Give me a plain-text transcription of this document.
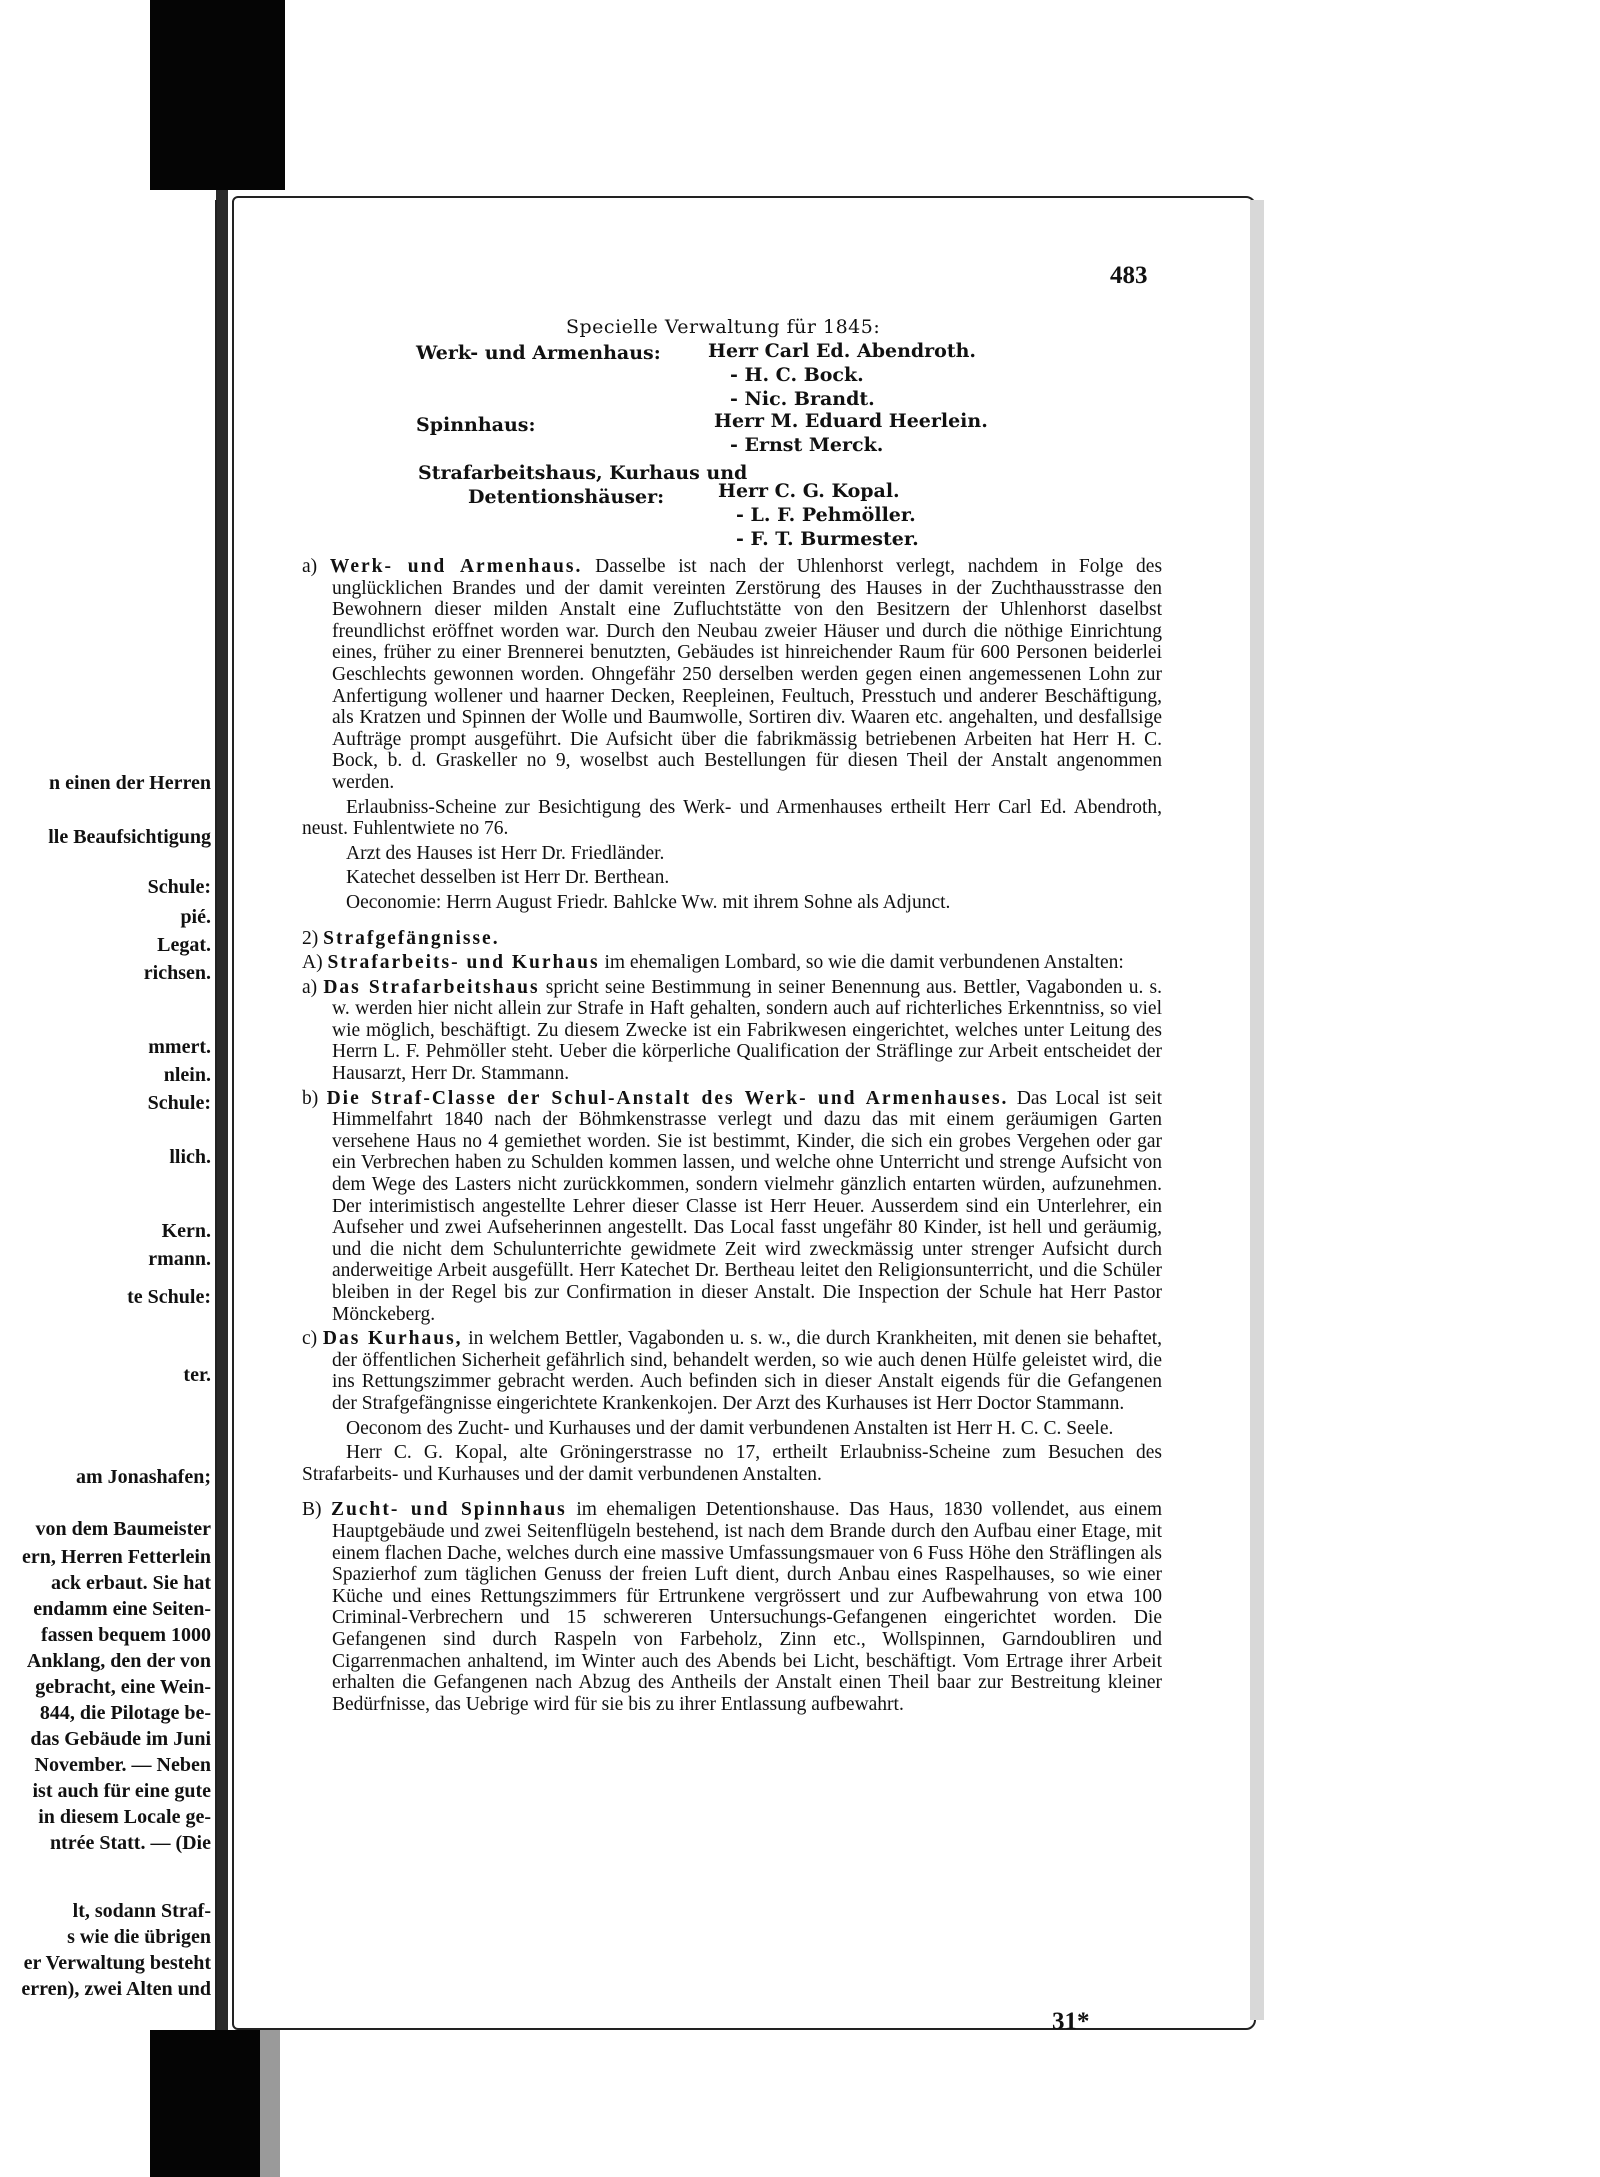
n einen der Herren
lle Beaufsichtigung
Schule:
pié.
Legat.
richsen.
mmert.
nlein.
Schule:
llich.
Kern.
rmann.
te Schule:
ter.
am Jonashafen;
von dem Baumeister
ern, Herren Fetterlein
ack erbaut. Sie hat
endamm eine Seiten-
fassen bequem 1000
Anklang, den der von
gebracht, eine Wein-
844, die Pilotage be-
das Gebäude im Juni
November. — Neben
ist auch für eine gute
in diesem Locale ge-
ntrée Statt. — (Die
lt, sodann Straf-
s wie die übrigen
er Verwaltung besteht
erren), zwei Alten und
483
Specielle Verwaltung für 1845:
Werk- und Armenhaus: Herr Carl Ed. Abendroth.
- H. C. Bock.
- Nic. Brandt.
Spinnhaus:	Herr M. Eduard Heerlein.
- Ernst Merck.
Strafarbeitshaus, Kurhaus und
Detentionshäuser:	Herr C. G. Kopal.
- L. F. Pehmöller.
- F. T. Burmester.

a) Werk- und Armenhaus. Dasselbe ist nach der Uhlenhorst verlegt, nachdem in Folge des unglücklichen Brandes und der damit vereinten Zerstörung des Hauses in der Zuchthausstrasse den Bewohnern dieser milden Anstalt eine Zufluchtstätte von den Besitzern der Uhlenhorst daselbst freundlichst eröffnet worden war. Durch den Neubau zweier Häuser und durch die nöthige Einrichtung eines, früher zu einer Brennerei benutzten, Gebäudes ist hinreichender Raum für 600 Personen beiderlei Geschlechts gewonnen worden. Ohngefähr 250 derselben werden gegen einen angemessenen Lohn zur Anfertigung wollener und haarner Decken, Reepleinen, Feultuch, Presstuch und anderer Beschäftigung, als Kratzen und Spinnen der Wolle und Baumwolle, Sortiren div. Waaren etc. angehalten, und desfallsige Aufträge prompt ausgeführt. Die Aufsicht über die fabrikmässig betriebenen Arbeiten hat Herr H. C. Bock, b. d. Graskeller no 9, woselbst auch Bestellungen für diesen Theil der Anstalt angenommen werden.

Erlaubniss-Scheine zur Besichtigung des Werk- und Armenhauses ertheilt Herr Carl Ed. Abendroth, neust. Fuhlentwiete no 76.

Arzt des Hauses ist Herr Dr. Friedländer.

Katechet desselben ist Herr Dr. Berthean.

Oeconomie: Herrn August Friedr. Bahlcke Ww. mit ihrem Sohne als Adjunct.

2) Strafgefängnisse.

A) Strafarbeits- und Kurhaus im ehemaligen Lombard, so wie die damit verbundenen Anstalten:

a) Das Strafarbeitshaus spricht seine Bestimmung in seiner Benennung aus. Bettler, Vagabonden u. s. w. werden hier nicht allein zur Strafe in Haft gehalten, sondern auch auf richterliches Erkenntniss, so viel wie möglich, beschäftigt. Zu diesem Zwecke ist ein Fabrikwesen eingerichtet, welches unter Leitung des Herrn L. F. Pehmöller steht. Ueber die körperliche Qualification der Sträflinge zur Arbeit entscheidet der Hausarzt, Herr Dr. Stammann.

b) Die Straf-Classe der Schul-Anstalt des Werk- und Armenhauses. Das Local ist seit Himmelfahrt 1840 nach der Böhmkenstrasse verlegt und dazu das mit einem geräumigen Garten versehene Haus no 4 gemiethet worden. Sie ist bestimmt, Kinder, die sich ein grobes Vergehen oder gar ein Verbrechen haben zu Schulden kommen lassen, und welche ohne Unterricht und strenge Aufsicht von dem Wege des Lasters nicht zurückkommen, sondern vielmehr gänzlich entarten würden, aufzunehmen. Der interimistisch angestellte Lehrer dieser Classe ist Herr Heuer. Ausserdem sind ein Unterlehrer, ein Aufseher und zwei Aufseherinnen angestellt. Das Local fasst ungefähr 80 Kinder, ist hell und geräumig, und die nicht dem Schulunterrichte gewidmete Zeit wird zweckmässig unter strenger Aufsicht durch anderweitige Arbeit ausgefüllt. Herr Katechet Dr. Bertheau leitet den Religionsunterricht, und die Schüler bleiben in der Regel bis zur Confirmation in dieser Anstalt. Die Inspection der Schule hat Herr Pastor Mönckeberg.

c) Das Kurhaus, in welchem Bettler, Vagabonden u. s. w., die durch Krankheiten, mit denen sie behaftet, der öffentlichen Sicherheit gefährlich sind, behandelt werden, so wie auch denen Hülfe geleistet wird, die ins Rettungszimmer gebracht werden. Auch befinden sich in dieser Anstalt eigends für die Gefangenen der Strafgefängnisse eingerichtete Krankenkojen. Der Arzt des Kurhauses ist Herr Doctor Stammann.

Oeconom des Zucht- und Kurhauses und der damit verbundenen Anstalten ist Herr H. C. C. Seele.

Herr C. G. Kopal, alte Gröningerstrasse no 17, ertheilt Erlaubniss-Scheine zum Besuchen des Strafarbeits- und Kurhauses und der damit verbundenen Anstalten.

B) Zucht- und Spinnhaus im ehemaligen Detentionshause. Das Haus, 1830 vollendet, aus einem Hauptgebäude und zwei Seitenflügeln bestehend, ist nach dem Brande durch den Aufbau einer Etage, mit einem flachen Dache, welches durch eine massive Umfassungsmauer von 6 Fuss Höhe den Sträflingen als Spazierhof zum täglichen Genuss der freien Luft dient, durch Anbau eines Raspelhauses, so wie einer Küche und eines Rettungszimmers für Ertrunkene vergrössert und zur Aufbewahrung von etwa 100 Criminal-Verbrechern und 15 schwereren Untersuchungs-Gefangenen eingerichtet worden. Die Gefangenen sind durch Raspeln von Farbeholz, Zinn etc., Wollspinnen, Garndoubliren und Cigarrenmachen anhaltend, im Winter auch des Abends bei Licht, beschäftigt. Vom Ertrage ihrer Arbeit erhalten die Gefangenen nach Abzug des Antheils der Anstalt einen Theil baar zur Bestreitung kleiner Bedürfnisse, das Uebrige wird für sie bis zu ihrer Entlassung aufbewahrt.

31*
